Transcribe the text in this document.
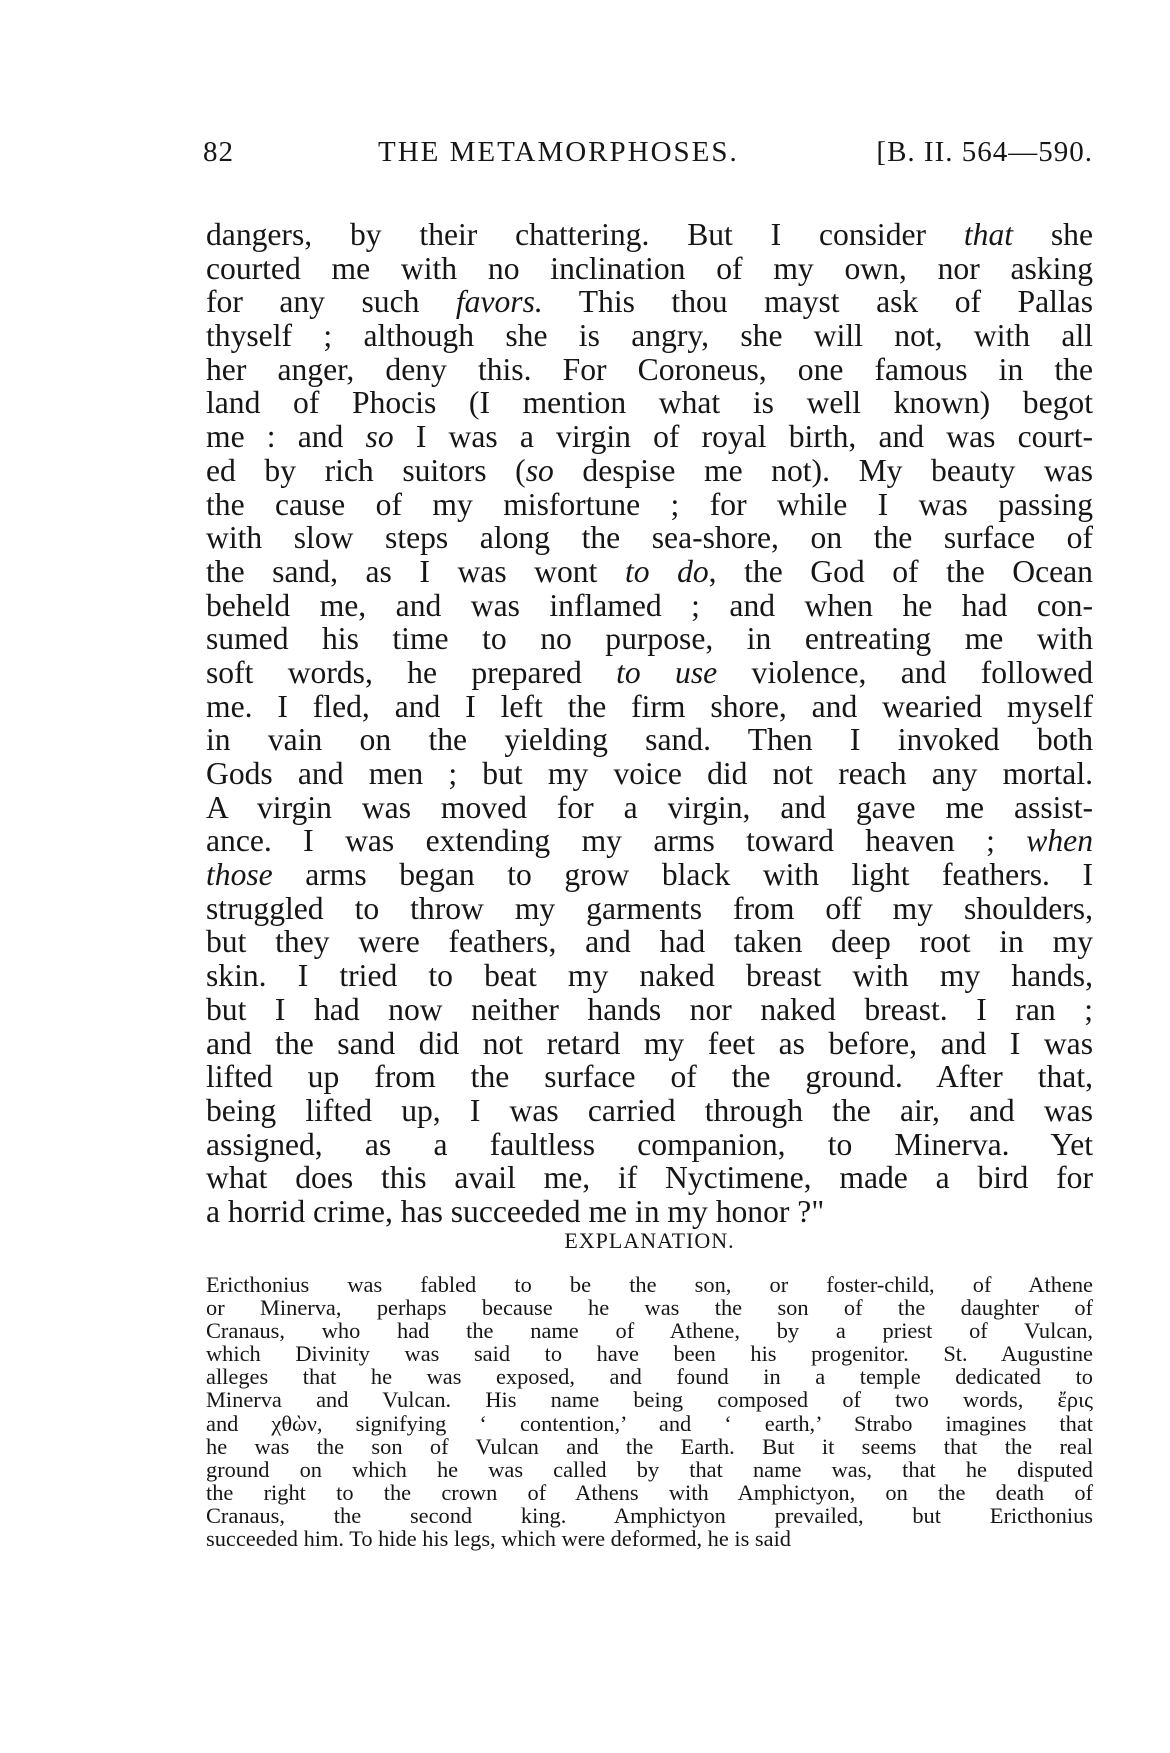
82	THE METAMORPHOSES.	[B. II. 564—590.
dangers, by their chattering. But I consider that she
courted me with no inclination of my own, nor asking
for any such favors. This thou mayst ask of Pallas
thyself ; although she is angry, she will not, with all
her anger, deny this. For Coroneus, one famous in the
land of Phocis (I mention what is well known) begot
me : and so I was a virgin of royal birth, and was court-
ed by rich suitors (so despise me not). My beauty was
the cause of my misfortune ; for while I was passing
with slow steps along the sea-shore, on the surface of
the sand, as I was wont to do, the God of the Ocean
beheld me, and was inflamed ; and when he had con-
sumed his time to no purpose, in entreating me with
soft words, he prepared to use violence, and followed
me. I fled, and I left the firm shore, and wearied myself
in vain on the yielding sand. Then I invoked both
Gods and men ; but my voice did not reach any mortal.
A virgin was moved for a virgin, and gave me assist-
ance. I was extending my arms toward heaven ; when
those arms began to grow black with light feathers. I
struggled to throw my garments from off my shoulders,
but they were feathers, and had taken deep root in my
skin. I tried to beat my naked breast with my hands,
but I had now neither hands nor naked breast. I ran ;
and the sand did not retard my feet as before, and I was
lifted up from the surface of the ground. After that,
being lifted up, I was carried through the air, and was
assigned, as a faultless companion, to Minerva. Yet
what does this avail me, if Nyctimene, made a bird for
a horrid crime, has succeeded me in my honor ?"
EXPLANATION.
Ericthonius was fabled to be the son, or foster-child, of Athene
or Minerva, perhaps because he was the son of the daughter of
Cranaus, who had the name of Athene, by a priest of Vulcan,
which Divinity was said to have been his progenitor. St. Augustine
alleges that he was exposed, and found in a temple dedicated to
Minerva and Vulcan. His name being composed of two words, ἔρις
and χθὼν, signifying ‘ contention,’ and ‘ earth,’ Strabo imagines that
he was the son of Vulcan and the Earth. But it seems that the real
ground on which he was called by that name was, that he disputed
the right to the crown of Athens with Amphictyon, on the death of
Cranaus, the second king. Amphictyon prevailed, but Ericthonius
succeeded him. To hide his legs, which were deformed, he is said
